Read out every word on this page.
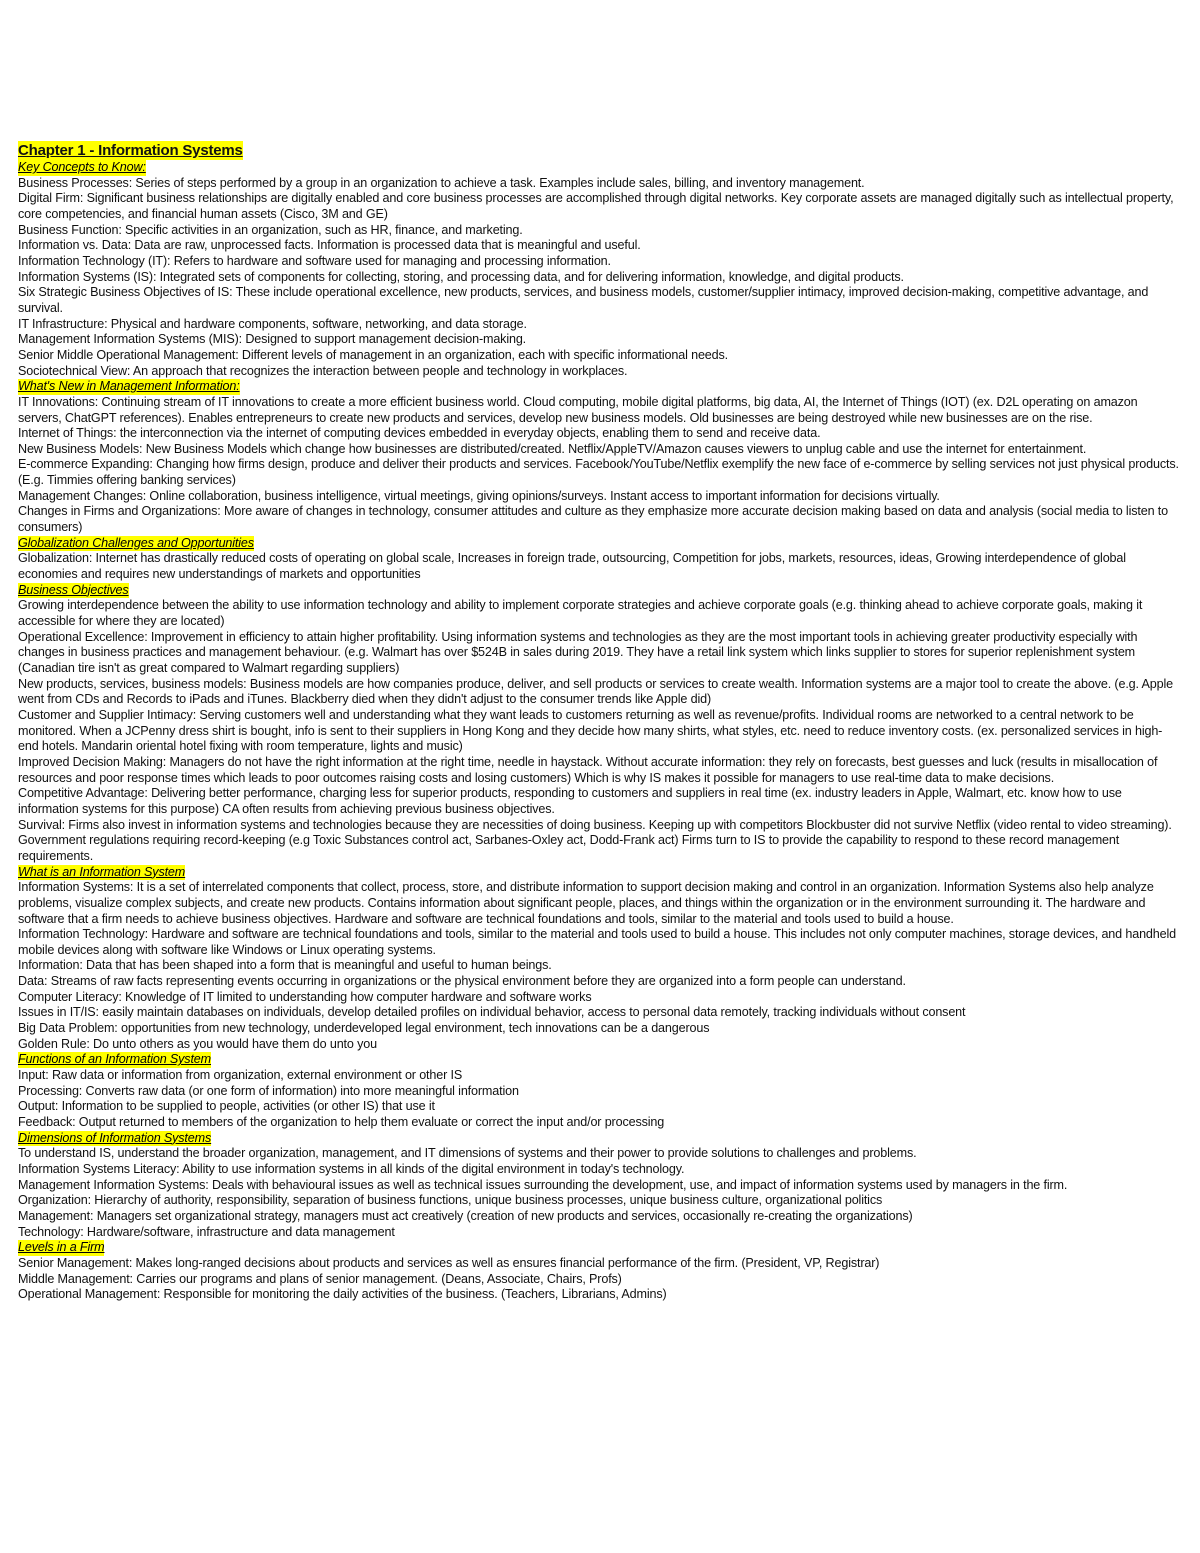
Chapter 1 - Information Systems
Key Concepts to Know:
Business Processes: Series of steps performed by a group in an organization to achieve a task. Examples include sales, billing, and inventory management.
Digital Firm: Significant business relationships are digitally enabled and core business processes are accomplished through digital networks. Key corporate assets are managed digitally such as intellectual property, core competencies, and financial human assets (Cisco, 3M and GE)
Business Function: Specific activities in an organization, such as HR, finance, and marketing.
Information vs. Data: Data are raw, unprocessed facts. Information is processed data that is meaningful and useful.
Information Technology (IT): Refers to hardware and software used for managing and processing information.
Information Systems (IS): Integrated sets of components for collecting, storing, and processing data, and for delivering information, knowledge, and digital products.
Six Strategic Business Objectives of IS: These include operational excellence, new products, services, and business models, customer/supplier intimacy, improved decision-making, competitive advantage, and survival.
IT Infrastructure: Physical and hardware components, software, networking, and data storage.
Management Information Systems (MIS): Designed to support management decision-making.
Senior Middle Operational Management: Different levels of management in an organization, each with specific informational needs.
Sociotechnical View: An approach that recognizes the interaction between people and technology in workplaces.
What's New in Management Information:
IT Innovations: Continuing stream of IT innovations to create a more efficient business world. Cloud computing, mobile digital platforms, big data, AI, the Internet of Things (IOT) (ex. D2L operating on amazon servers, ChatGPT references). Enables entrepreneurs to create new products and services, develop new business models. Old businesses are being destroyed while new businesses are on the rise.
Internet of Things: the interconnection via the internet of computing devices embedded in everyday objects, enabling them to send and receive data.
New Business Models: New Business Models which change how businesses are distributed/created. Netflix/AppleTV/Amazon causes viewers to unplug cable and use the internet for entertainment.
E-commerce Expanding: Changing how firms design, produce and deliver their products and services. Facebook/YouTube/Netflix exemplify the new face of e-commerce by selling services not just physical products. (E.g. Timmies offering banking services)
Management Changes: Online collaboration, business intelligence, virtual meetings, giving opinions/surveys. Instant access to important information for decisions virtually.
Changes in Firms and Organizations: More aware of changes in technology, consumer attitudes and culture as they emphasize more accurate decision making based on data and analysis (social media to listen to consumers)
Globalization Challenges and Opportunities
Globalization: Internet has drastically reduced costs of operating on global scale, Increases in foreign trade, outsourcing, Competition for jobs, markets, resources, ideas, Growing interdependence of global economies and requires new understandings of markets and opportunities
Business Objectives
Growing interdependence between the ability to use information technology and ability to implement corporate strategies and achieve corporate goals (e.g. thinking ahead to achieve corporate goals, making it accessible for where they are located)
Operational Excellence: Improvement in efficiency to attain higher profitability. Using information systems and technologies as they are the most important tools in achieving greater productivity especially with changes in business practices and management behaviour. (e.g. Walmart has over $524B in sales during 2019. They have a retail link system which links supplier to stores for superior replenishment system (Canadian tire isn't as great compared to Walmart regarding suppliers)
New products, services, business models: Business models are how companies produce, deliver, and sell products or services to create wealth. Information systems are a major tool to create the above. (e.g. Apple went from CDs and Records to iPads and iTunes. Blackberry died when they didn't adjust to the consumer trends like Apple did)
Customer and Supplier Intimacy: Serving customers well and understanding what they want leads to customers returning as well as revenue/profits. Individual rooms are networked to a central network to be monitored. When a JCPenny dress shirt is bought, info is sent to their suppliers in Hong Kong and they decide how many shirts, what styles, etc. need to reduce inventory costs. (ex. personalized services in high-end hotels. Mandarin oriental hotel fixing with room temperature, lights and music)
Improved Decision Making: Managers do not have the right information at the right time, needle in haystack. Without accurate information: they rely on forecasts, best guesses and luck (results in misallocation of resources and poor response times which leads to poor outcomes raising costs and losing customers) Which is why IS makes it possible for managers to use real-time data to make decisions.
Competitive Advantage: Delivering better performance, charging less for superior products, responding to customers and suppliers in real time (ex. industry leaders in Apple, Walmart, etc. know how to use information systems for this purpose) CA often results from achieving previous business objectives.
Survival: Firms also invest in information systems and technologies because they are necessities of doing business. Keeping up with competitors Blockbuster did not survive Netflix (video rental to video streaming).
Government regulations requiring record-keeping (e.g Toxic Substances control act, Sarbanes-Oxley act, Dodd-Frank act) Firms turn to IS to provide the capability to respond to these record management requirements.
What is an Information System
Information Systems: It is a set of interrelated components that collect, process, store, and distribute information to support decision making and control in an organization. Information Systems also help analyze problems, visualize complex subjects, and create new products. Contains information about significant people, places, and things within the organization or in the environment surrounding it. The hardware and software that a firm needs to achieve business objectives. Hardware and software are technical foundations and tools, similar to the material and tools used to build a house.
Information Technology: Hardware and software are technical foundations and tools, similar to the material and tools used to build a house. This includes not only computer machines, storage devices, and handheld mobile devices along with software like Windows or Linux operating systems.
Information: Data that has been shaped into a form that is meaningful and useful to human beings.
Data: Streams of raw facts representing events occurring in organizations or the physical environment before they are organized into a form people can understand.
Computer Literacy: Knowledge of IT limited to understanding how computer hardware and software works
Issues in IT/IS: easily maintain databases on individuals, develop detailed profiles on individual behavior, access to personal data remotely, tracking individuals without consent
Big Data Problem: opportunities from new technology, underdeveloped legal environment, tech innovations can be a dangerous
Golden Rule: Do unto others as you would have them do unto you
Functions of an Information System
Input: Raw data or information from organization, external environment or other IS
Processing: Converts raw data (or one form of information) into more meaningful information
Output: Information to be supplied to people, activities (or other IS) that use it
Feedback: Output returned to members of the organization to help them evaluate or correct the input and/or processing
Dimensions of Information Systems
To understand IS, understand the broader organization, management, and IT dimensions of systems and their power to provide solutions to challenges and problems.
Information Systems Literacy: Ability to use information systems in all kinds of the digital environment in today's technology.
Management Information Systems: Deals with behavioural issues as well as technical issues surrounding the development, use, and impact of information systems used by managers in the firm.
Organization: Hierarchy of authority, responsibility, separation of business functions, unique business processes, unique business culture, organizational politics
Management: Managers set organizational strategy, managers must act creatively (creation of new products and services, occasionally re-creating the organizations)
Technology: Hardware/software, infrastructure and data management
Levels in a Firm
Senior Management: Makes long-ranged decisions about products and services as well as ensures financial performance of the firm. (President, VP, Registrar)
Middle Management: Carries our programs and plans of senior management. (Deans, Associate, Chairs, Profs)
Operational Management: Responsible for monitoring the daily activities of the business. (Teachers, Librarians, Admins)
